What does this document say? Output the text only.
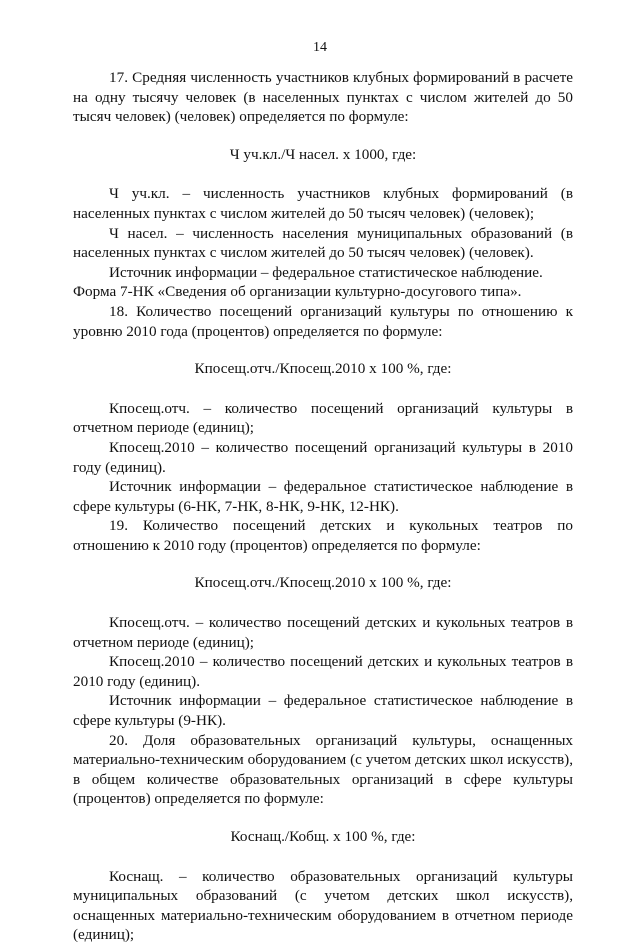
14

17. Средняя численность участников клубных формирований в расчете на одну тысячу человек (в населенных пунктах с числом жителей до 50 тысяч человек) (человек) определяется по формуле:

Ч уч.кл./Ч насел. х 1000, где:

Ч уч.кл. – численность участников клубных формирований (в населенных пунктах с числом жителей до 50 тысяч человек) (человек);

Ч насел. – численность населения муниципальных образований (в населенных пунктах с числом жителей до 50 тысяч человек) (человек).

Источник информации – федеральное статистическое наблюдение.

Форма 7-НК «Сведения об организации культурно-досугового типа».

18. Количество посещений организаций культуры по отношению к уровню 2010 года (процентов) определяется по формуле:

Кпосещ.отч./Кпосещ.2010 х 100 %, где:

Кпосещ.отч. – количество посещений организаций культуры в отчетном периоде (единиц);

Кпосещ.2010 – количество посещений организаций культуры в 2010 году (единиц).

Источник информации – федеральное статистическое наблюдение в сфере культуры (6-НК, 7-НК, 8-НК, 9-НК, 12-НК).

19. Количество посещений детских и кукольных театров по отношению к 2010 году (процентов) определяется по формуле:

Кпосещ.отч./Кпосещ.2010 х 100 %, где:

Кпосещ.отч. – количество посещений детских и кукольных театров в отчетном периоде (единиц);

Кпосещ.2010 – количество посещений детских и кукольных театров в 2010 году (единиц).

Источник информации – федеральное статистическое наблюдение в сфере культуры (9-НК).

20. Доля образовательных организаций культуры, оснащенных материально-техническим оборудованием (с учетом детских школ искусств), в общем количестве образовательных организаций в сфере культуры (процентов) определяется по формуле:

Коснащ./Кобщ. х 100 %, где:

Коснащ. – количество образовательных организаций культуры муниципальных образований (с учетом детских школ искусств), оснащенных материально-техническим оборудованием в отчетном периоде (единиц);
